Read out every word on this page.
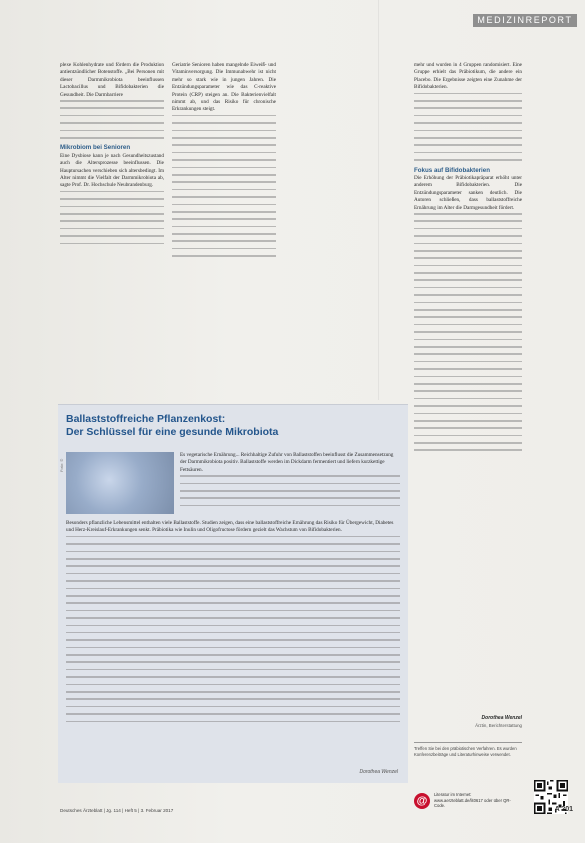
MEDIZINREPORT

plexe Kohlenhydrate und fördern die Produktion antientzündlicher Botenstoffe. „Bei Personen mit dieser Darmmikrobiota beeinflussen Lactobacillus und Bifidobakterien die Gesundheit. Die Darmbarriere

Mikrobiom bei Senioren

Eine Dysbiose kann je nach Gesundheitszustand auch die Altersprozesse beeinflussen. Die Hauptursachen verschieben sich altersbedingt. Im Alter nimmt die Vielfalt der Darmmikrobiota ab, sagte Prof. Dr. Hochschule Neubrandenburg.

Geriatrie Senioren haben mangelnde Eiweiß- und Vitaminversorgung. Die Immunabwehr ist nicht mehr so stark wie in jungen Jahren. Die Entzündungsparameter wie das C-reaktive Protein (CRP) steigen an. Die Bakterienvielfalt nimmt ab, und das Risiko für chronische Erkrankungen steigt.

mehr und wurden in 4 Gruppen randomisiert. Eine Gruppe erhielt das Präbiotikum, die andere ein Placebo. Die Ergebnisse zeigten eine Zunahme der Bifidobakterien.

Fokus auf Bifidobakterien

Die Erhöhung der Präbiotikapräparat erhöht unter anderem Bifidobakterien. Die Entzündungsparameter sanken deutlich. Die Autoren schließen, dass ballaststoffreiche Ernährung im Alter die Darmgesundheit fördert.

Ballaststoffreiche Pflanzenkost:
Der Schlüssel für eine gesunde Mikrobiota
Foto: ©

Es vegetarische Ernährung... Reichhaltige Zufuhr von Ballaststoffen beeinflusst die Zusammensetzung der Darmmikrobiota positiv. Ballaststoffe werden im Dickdarm fermentiert und liefern kurzkettige Fettsäuren.

Besonders pflanzliche Lebensmittel enthalten viele Ballaststoffe. Studien zeigen, dass eine ballaststoffreiche Ernährung das Risiko für Übergewicht, Diabetes und Herz-Kreislauf-Erkrankungen senkt. Präbiotika wie Inulin und Oligofructose fördern gezielt das Wachstum von Bifidobakterien.

Dorothea Wenzel
Dorothea Wenzel
Ärztin, Berichterstattung
Treffen Sie bei den präbiotischen Verfahren. Es wurden Konferenzbeiträge und Literaturhinweise verwendet.
@
Literatur im Internet: www.aerzteblatt.de/lit0617 oder über QR-Code.
Deutsches Ärzteblatt | Jg. 114 | Heft 5 | 3. Februar 2017	A 201
